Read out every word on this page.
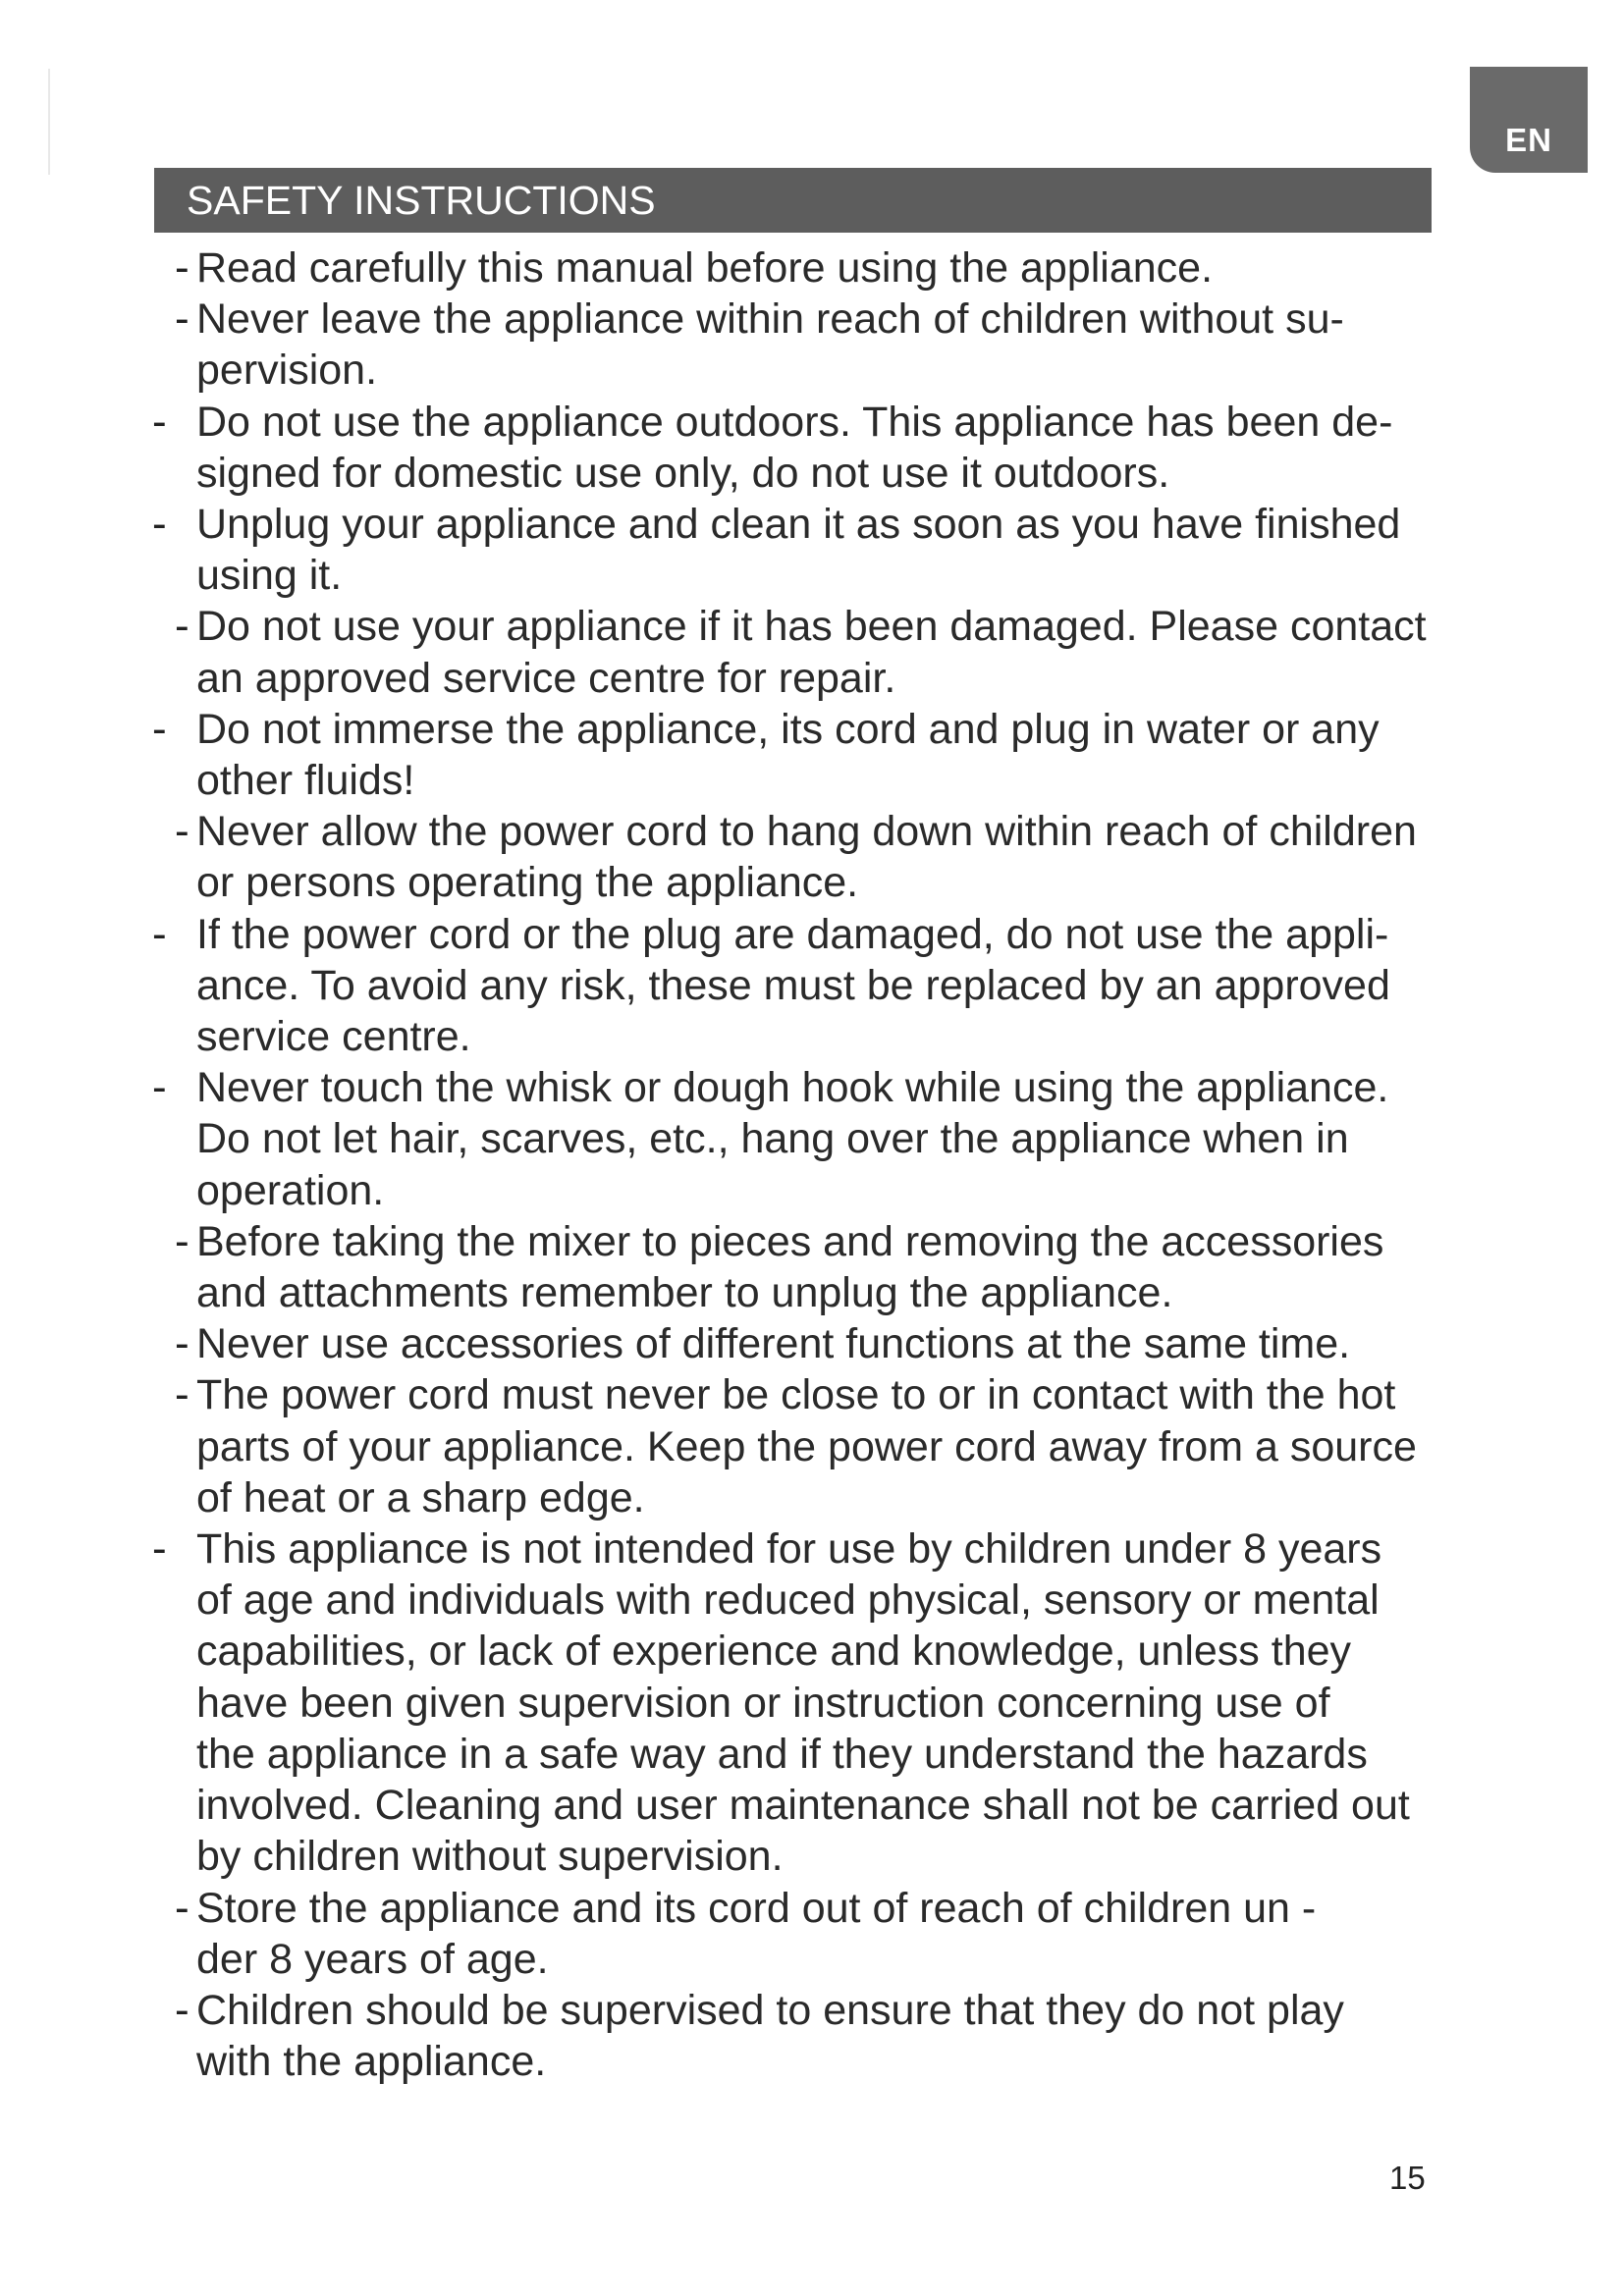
EN
SAFETY INSTRUCTIONS
- Read carefully this manual before using the appliance.
- Never leave the appliance within reach of children without su-
pervision.
- Do not use the appliance outdoors. This appliance has been de-
signed for domestic use only, do not use it outdoors.
- Unplug your appliance and clean it as soon as you have finished
using it.
- Do not use your appliance if it has been damaged. Please contact
an approved service centre for repair.
- Do not immerse the appliance, its cord and plug in water or any
other fluids!
- Never allow the power cord to hang down within reach of children
or persons operating the appliance.
- If the power cord or the plug are damaged, do not use the appli-
ance. To avoid any risk, these must be replaced by an approved
service centre.
- Never touch the whisk or dough hook while using the appliance.
Do not let hair, scarves, etc., hang over the appliance when in
operation.
- Before taking the mixer to pieces and removing the accessories
and attachments remember to unplug the appliance.
- Never use accessories of different functions at the same time.
- The power cord must never be close to or in contact with the hot
parts of your appliance. Keep the power cord away from a source
of heat or a sharp edge.
- This appliance is not intended for use by children under 8 years
of age and individuals with reduced physical, sensory or mental
capabilities, or lack of experience and knowledge, unless they
have been given supervision or instruction concerning use of
the appliance in a safe way and if they understand the hazards
involved. Cleaning and user maintenance shall not be carried out
by children without supervision.
- Store the appliance and its cord out of reach of children un -
der 8 years of age.
- Children should be supervised to ensure that they do not play
with the appliance.
15
